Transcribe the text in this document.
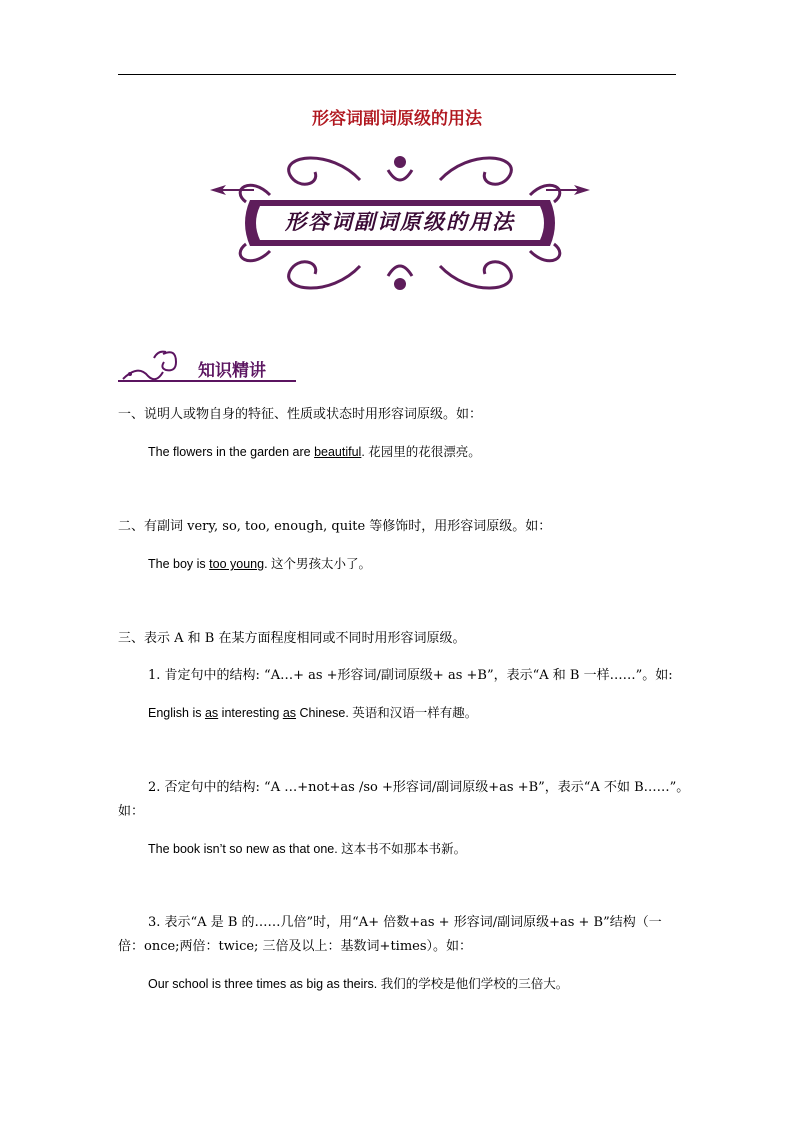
形容词副词原级的用法
形容词副词原级的用法
知识精讲
一、说明人或物自身的特征、性质或状态时用形容词原级。如：
The flowers in the garden are beautiful. 花园里的花很漂亮。
二、有副词 very, so, too, enough, quite 等修饰时，用形容词原级。如：
The boy is too young. 这个男孩太小了。
三、表示 A 和 B 在某方面程度相同或不同时用形容词原级。
1. 肯定句中的结构: “A…+ as +形容词/副词原级+ as +B”，表示“A 和 B 一样……”。如:
English is as interesting as Chinese. 英语和汉语一样有趣。
2. 否定句中的结构: “A …+not+as /so +形容词/副词原级+as +B”，表示“A 不如 B……”。
如：
The book isn’t so new as that one. 这本书不如那本书新。
3. 表示“A 是 B 的……几倍”时，用“A+ 倍数+as + 形容词/副词原级+as + B”结构（一
倍：once;两倍：twice; 三倍及以上：基数词+times）。如：
Our school is three times as big as theirs. 我们的学校是他们学校的三倍大。
